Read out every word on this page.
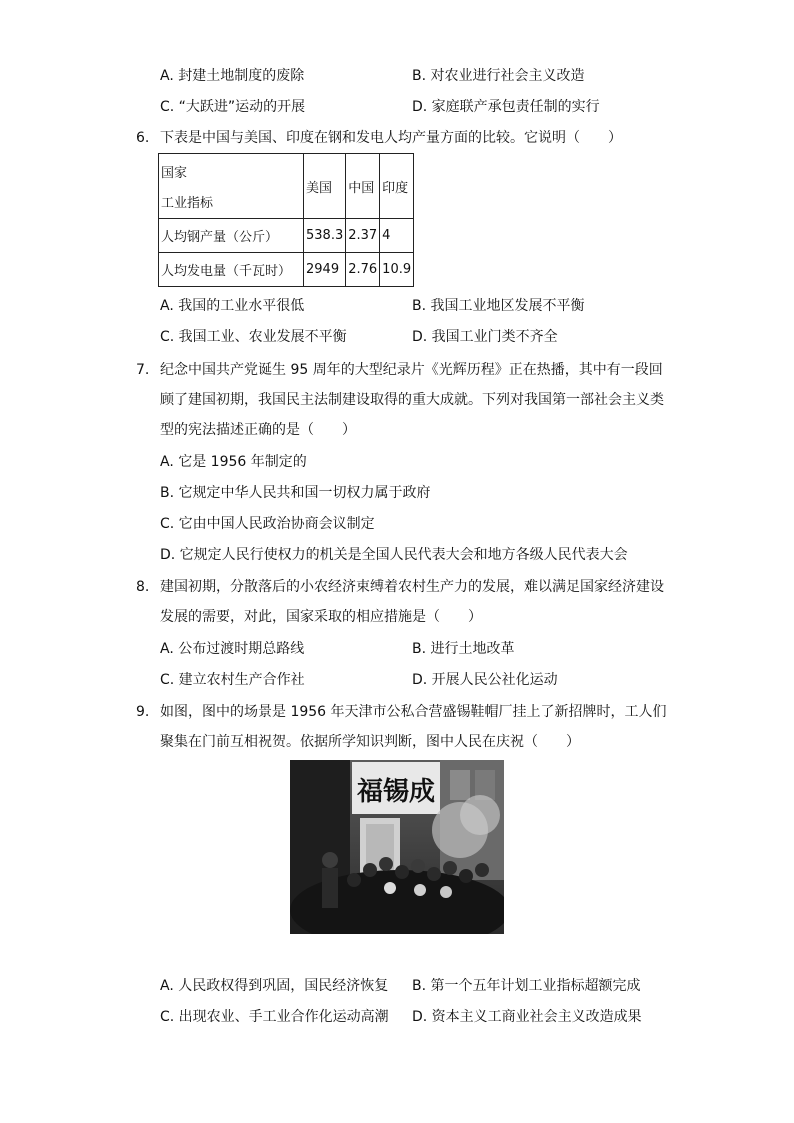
A. 封建土地制度的废除	B. 对农业进行社会主义改造
C. “大跃进”运动的开展	D. 家庭联产承包责任制的实行
6. 下表是中国与美国、印度在钢和发电人均产量方面的比较。它说明（　　）
国家
工业指标	美国	中国	印度
人均钢产量（公斤）	538.3	2.37	4
人均发电量（千瓦时）	2949	2.76	10.9
A. 我国的工业水平很低	B. 我国工业地区发展不平衡
C. 我国工业、农业发展不平衡	D. 我国工业门类不齐全
7. 纪念中国共产党诞生 95 周年的大型纪录片《光辉历程》正在热播，其中有一段回
顾了建国初期，我国民主法制建设取得的重大成就。下列对我国第一部社会主义类
型的宪法描述正确的是（　　）
A. 它是 1956 年制定的
B. 它规定中华人民共和国一切权力属于政府
C. 它由中国人民政治协商会议制定
D. 它规定人民行使权力的机关是全国人民代表大会和地方各级人民代表大会
8. 建国初期，分散落后的小农经济束缚着农村生产力的发展，难以满足国家经济建设
发展的需要，对此，国家采取的相应措施是（　　）
A. 公布过渡时期总路线	B. 进行土地改革
C. 建立农村生产合作社	D. 开展人民公社化运动
9. 如图，图中的场景是 1956 年天津市公私合营盛锡鞋帽厂挂上了新招牌时，工人们
聚集在门前互相祝贺。依据所学知识判断，图中人民在庆祝（　　）
福锡成
A. 人民政权得到巩固，国民经济恢复 B. 第一个五年计划工业指标超额完成
C. 出现农业、手工业合作化运动高潮 D. 资本主义工商业社会主义改造成果
